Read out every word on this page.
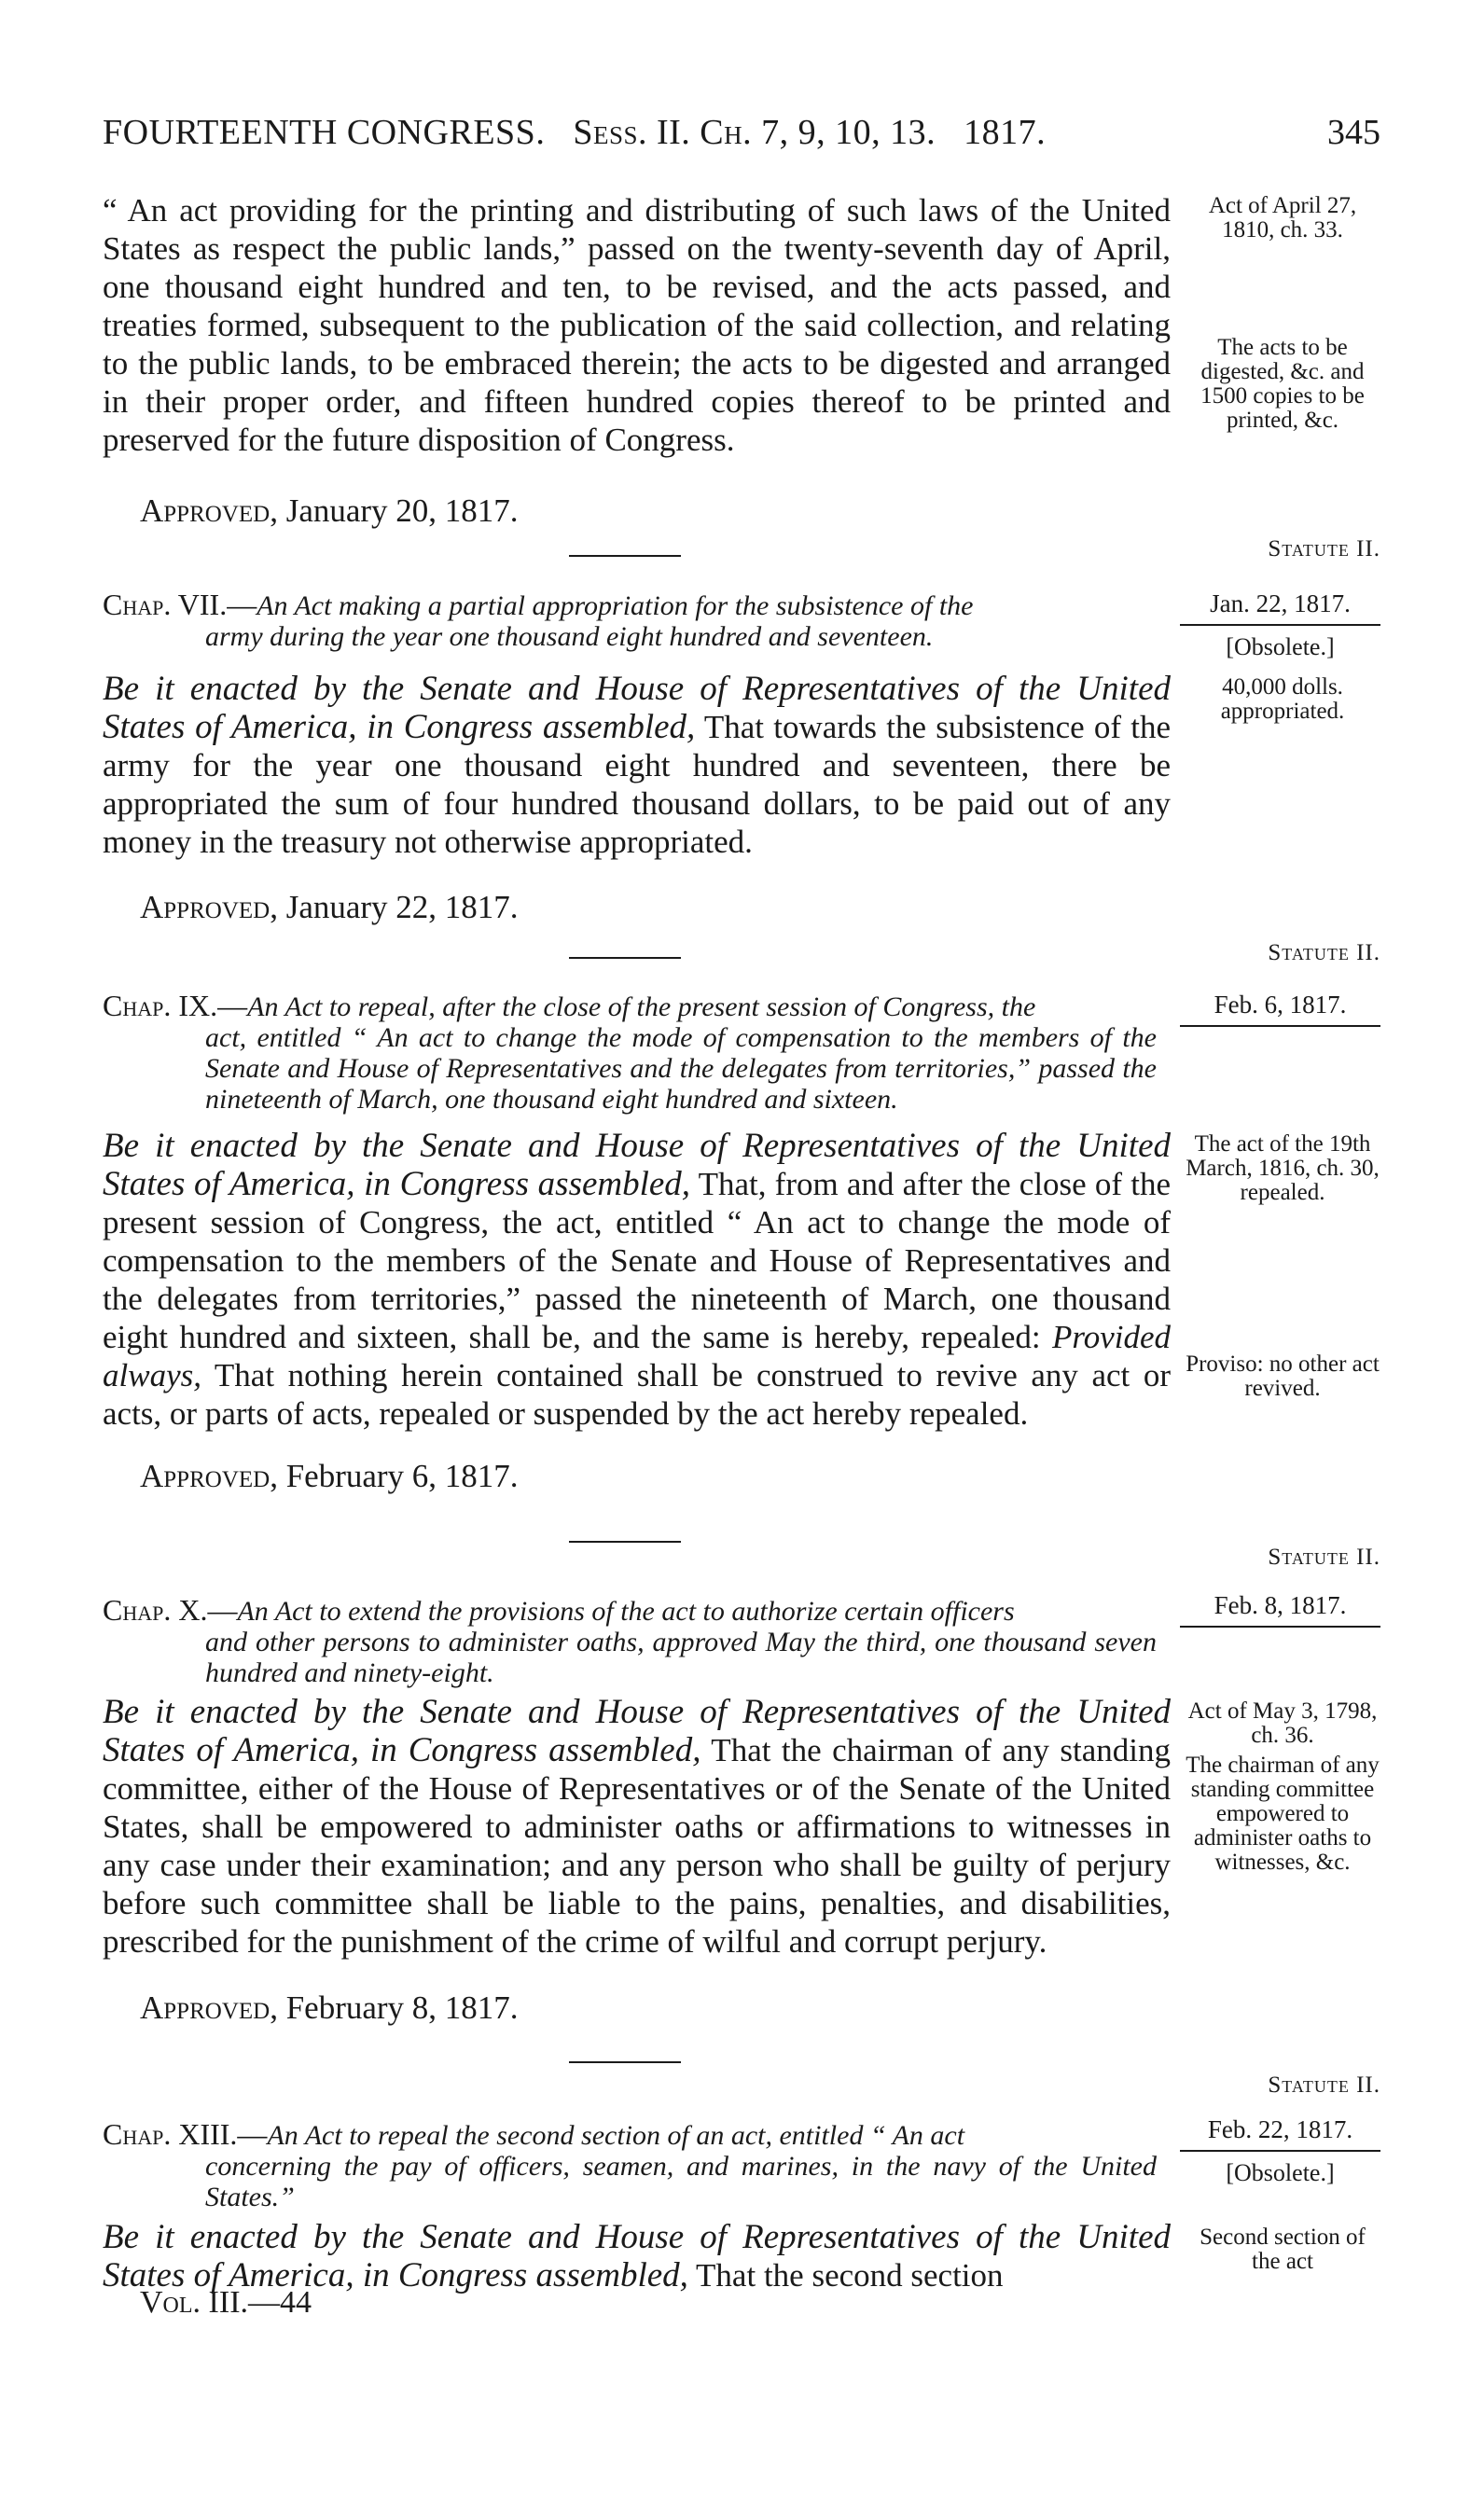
FOURTEENTH CONGRESS. Sess. II. Ch. 7, 9, 10, 13. 1817.	345
“ An act providing for the printing and distributing of such laws of the United States as respect the public lands,” passed on the twenty-seventh day of April, one thousand eight hundred and ten, to be revised, and the acts passed, and treaties formed, subsequent to the publication of the said collection, and relating to the public lands, to be embraced therein; the acts to be digested and arranged in their proper order, and fifteen hundred copies thereof to be printed and preserved for the future disposition of Congress.
Approved, January 20, 1817.
Act of April 27, 1810, ch. 33.
The acts to be digested, &c. and 1500 copies to be printed, &c.
Statute II.
Jan. 22, 1817.
[Obsolete.]
Chap. VII.—An Act making a partial appropriation for the subsistence of the
army during the year one thousand eight hundred and seventeen.
Be it enacted by the Senate and House of Representatives of the United States of America, in Congress assembled, That towards the subsistence of the army for the year one thousand eight hundred and seventeen, there be appropriated the sum of four hundred thousand dollars, to be paid out of any money in the treasury not otherwise appropriated.
Approved, January 22, 1817.
40,000 dolls. appropriated.
Statute II.
Feb. 6, 1817.
Chap. IX.—An Act to repeal, after the close of the present session of Congress, the
act, entitled “ An act to change the mode of compensation to the members of the Senate and House of Representatives and the delegates from territories,” passed the nineteenth of March, one thousand eight hundred and sixteen.
Be it enacted by the Senate and House of Representatives of the United States of America, in Congress assembled, That, from and after the close of the present session of Congress, the act, entitled “ An act to change the mode of compensation to the members of the Senate and House of Representatives and the delegates from territories,” passed the nineteenth of March, one thousand eight hundred and sixteen, shall be, and the same is hereby, repealed: Provided always, That nothing herein contained shall be construed to revive any act or acts, or parts of acts, repealed or suspended by the act hereby repealed.
Approved, February 6, 1817.
The act of the 19th March, 1816, ch. 30, repealed.
Proviso: no other act revived.
Statute II.
Feb. 8, 1817.
Chap. X.—An Act to extend the provisions of the act to authorize certain officers
and other persons to administer oaths, approved May the third, one thousand seven hundred and ninety-eight.
Be it enacted by the Senate and House of Representatives of the United States of America, in Congress assembled, That the chairman of any standing committee, either of the House of Representatives or of the Senate of the United States, shall be empowered to administer oaths or affirmations to witnesses in any case under their examination; and any person who shall be guilty of perjury before such committee shall be liable to the pains, penalties, and disabilities, prescribed for the punishment of the crime of wilful and corrupt perjury.
Approved, February 8, 1817.
Act of May 3, 1798, ch. 36.
The chairman of any standing committee empowered to administer oaths to witnesses, &c.
Statute II.
Feb. 22, 1817.
[Obsolete.]
Chap. XIII.—An Act to repeal the second section of an act, entitled “ An act
concerning the pay of officers, seamen, and marines, in the navy of the United States.”
Be it enacted by the Senate and House of Representatives of the United States of America, in Congress assembled, That the second section
Second section of the act
Vol. III.—44
